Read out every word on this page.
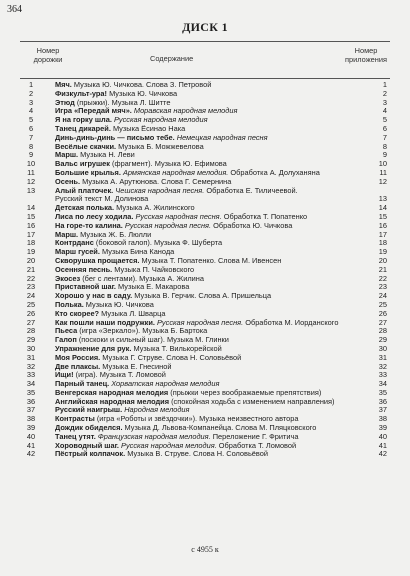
364
ДИСК 1
Номер
дорожки	Содержание
Номер
приложения
1	Мяч. Музыка Ю. Чичкова. Слова З. Петровой	1
2	Физкульт-ура! Музыка Ю. Чичкова	2
3	Этюд (прыжки). Музыка Л. Шитте	3
4	Игра «Передай мяч». Моравская народная мелодия	4
5	Я на горку шла. Русская народная мелодия	5
6	Танец дикарей. Музыка Ёсинао Нака	6
7	Динь-динь-динь — письмо тебе. Немецкая народная песня	7
8	Весёлые скачки. Музыка Б. Можжевелова	8
9	Марш. Музыка Н. Леви	9
10	Вальс игрушек (фрагмент). Музыка Ю. Ефимова	10
11	Большие крылья. Армянская народная мелодия. Обработка А. Долуханяна	11
12	Осень. Музыка А. Арутюнова. Слова Г. Семернина	12
13	Алый платочек. Чешская народная песня. Обработка Е. Тиличеевой.
Русский текст М. Долинова	13
14	Детская полька. Музыка А. Жилинского	14
15	Лиса по лесу ходила. Русская народная песня. Обработка Т. Попатенко	15
16	На горе-то калина. Русская народная песня. Обработка Ю. Чичкова	16
17	Марш. Музыка Ж. Б. Люлли	17
18	Контрданс (боковой галоп). Музыка Ф. Шуберта	18
19	Марш гусей. Музыка Бина Канода	19
20	Скворушка прощается. Музыка Т. Попатенко. Слова М. Ивенсен	20
21	Осенняя песнь. Музыка П. Чайковского	21
22	Экосез (бег с лентами). Музыка А. Жилина	22
23	Приставной шаг. Музыка Е. Макарова	23
24	Хорошо у нас в саду. Музыка В. Герчик. Слова А. Пришельца	24
25	Полька. Музыка Ю. Чичкова	25
26	Кто скорее? Музыка Л. Шварца	26
27	Как пошли наши подружки. Русская народная песня. Обработка М. Иорданского	27
28	Пьеса (игра «Зеркало»). Музыка Б. Бартока	28
29	Галоп (поскоки и сильный шаг). Музыка М. Глинки	29
30	Упражнение для рук. Музыка Т. Вилькорейской	30
31	Моя Россия. Музыка Г. Струве. Слова Н. Соловьёвой	31
32	Две плаксы. Музыка Е. Гнесиной	32
33	Ищи! (игра). Музыка Т. Ломовой	33
34	Парный танец. Хорватская народная мелодия	34
35	Венгерская народная мелодия (прыжки через воображаемые препятствия)	35
36	Английская народная мелодия (спокойная ходьба с изменением направления)	36
37	Русский наигрыш. Народная мелодия	37
38	Контрасты (игра «Роботы и звёздочки»). Музыка неизвестного автора	38
39	Дождик обиделся. Музыка Д. Львова-Компанейца. Слова М. Пляцковского	39
40	Танец утят. Французская народная мелодия. Переложение Г. Фритича	40
41	Хороводный шаг. Русская народная мелодия. Обработка Т. Ломовой	41
42	Пёстрый колпачок. Музыка В. Струве. Слова Н. Соловьёвой	42
c 4955 к
